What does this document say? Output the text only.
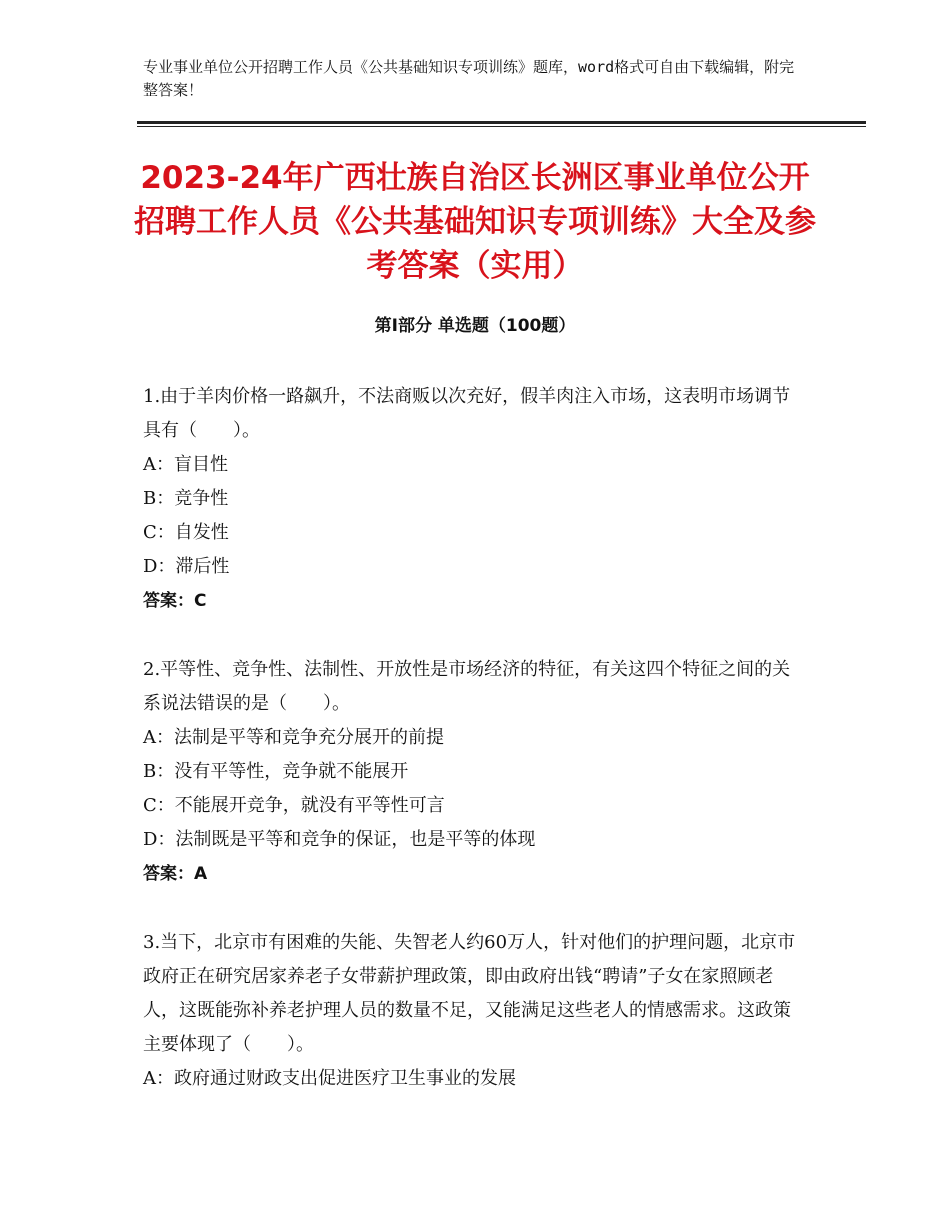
专业事业单位公开招聘工作人员《公共基础知识专项训练》题库，word格式可自由下载编辑，附完整答案！
2023-24年广西壮族自治区长洲区事业单位公开招聘工作人员《公共基础知识专项训练》大全及参考答案（实用）
第I部分 单选题（100题）

1.由于羊肉价格一路飙升，不法商贩以次充好，假羊肉注入市场，这表明市场调节具有（　　）。

A：盲目性

B：竞争性

C：自发性

D：滞后性

答案：C

2.平等性、竞争性、法制性、开放性是市场经济的特征，有关这四个特征之间的关系说法错误的是（　　）。

A：法制是平等和竞争充分展开的前提

B：没有平等性，竞争就不能展开

C：不能展开竞争，就没有平等性可言

D：法制既是平等和竞争的保证，也是平等的体现

答案：A

3.当下，北京市有困难的失能、失智老人约60万人，针对他们的护理问题，北京市政府正在研究居家养老子女带薪护理政策，即由政府出钱“聘请”子女在家照顾老人，这既能弥补养老护理人员的数量不足，又能满足这些老人的情感需求。这政策主要体现了（　　）。

A：政府通过财政支出促进医疗卫生事业的发展
